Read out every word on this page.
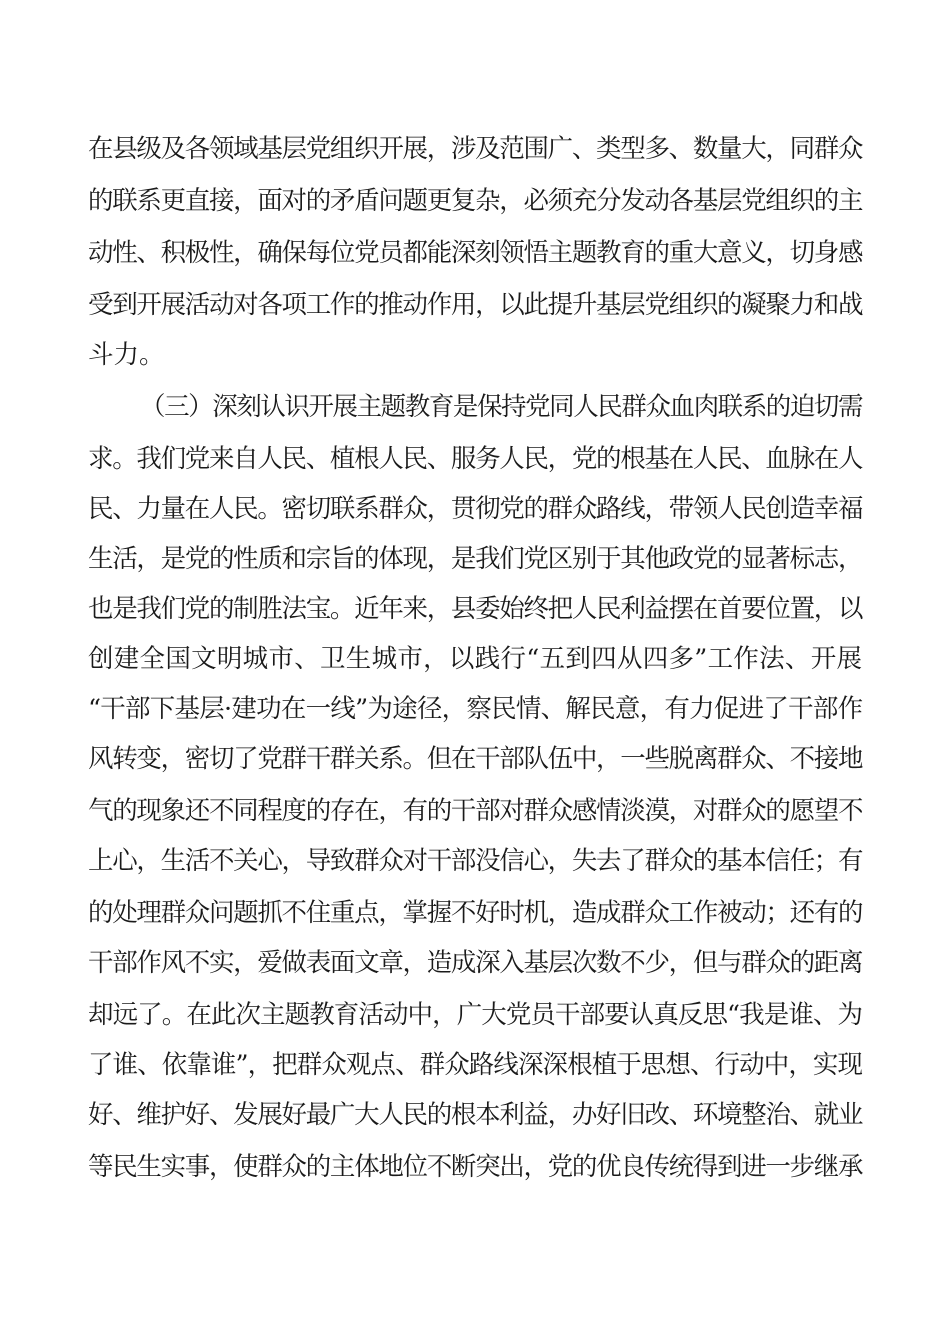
在县级及各领域基层党组织开展，涉及范围广、类型多、数量大，同群众
的联系更直接，面对的矛盾问题更复杂，必须充分发动各基层党组织的主
动性、积极性，确保每位党员都能深刻领悟主题教育的重大意义，切身感
受到开展活动对各项工作的推动作用，以此提升基层党组织的凝聚力和战
斗力。
（三）深刻认识开展主题教育是保持党同人民群众血肉联系的迫切需
求。我们党来自人民、植根人民、服务人民，党的根基在人民、血脉在人
民、力量在人民。密切联系群众，贯彻党的群众路线，带领人民创造幸福
生活，是党的性质和宗旨的体现，是我们党区别于其他政党的显著标志，
也是我们党的制胜法宝。近年来，县委始终把人民利益摆在首要位置，以
创建全国文明城市、卫生城市，以践行“五到四从四多”工作法、开展
“干部下基层·建功在一线”为途径，察民情、解民意，有力促进了干部作
风转变，密切了党群干群关系。但在干部队伍中，一些脱离群众、不接地
气的现象还不同程度的存在，有的干部对群众感情淡漠，对群众的愿望不
上心，生活不关心，导致群众对干部没信心，失去了群众的基本信任；有
的处理群众问题抓不住重点，掌握不好时机，造成群众工作被动；还有的
干部作风不实，爱做表面文章，造成深入基层次数不少，但与群众的距离
却远了。在此次主题教育活动中，广大党员干部要认真反思“我是谁、为
了谁、依靠谁”，把群众观点、群众路线深深根植于思想、行动中，实现
好、维护好、发展好最广大人民的根本利益，办好旧改、环境整治、就业
等民生实事，使群众的主体地位不断突出，党的优良传统得到进一步继承
